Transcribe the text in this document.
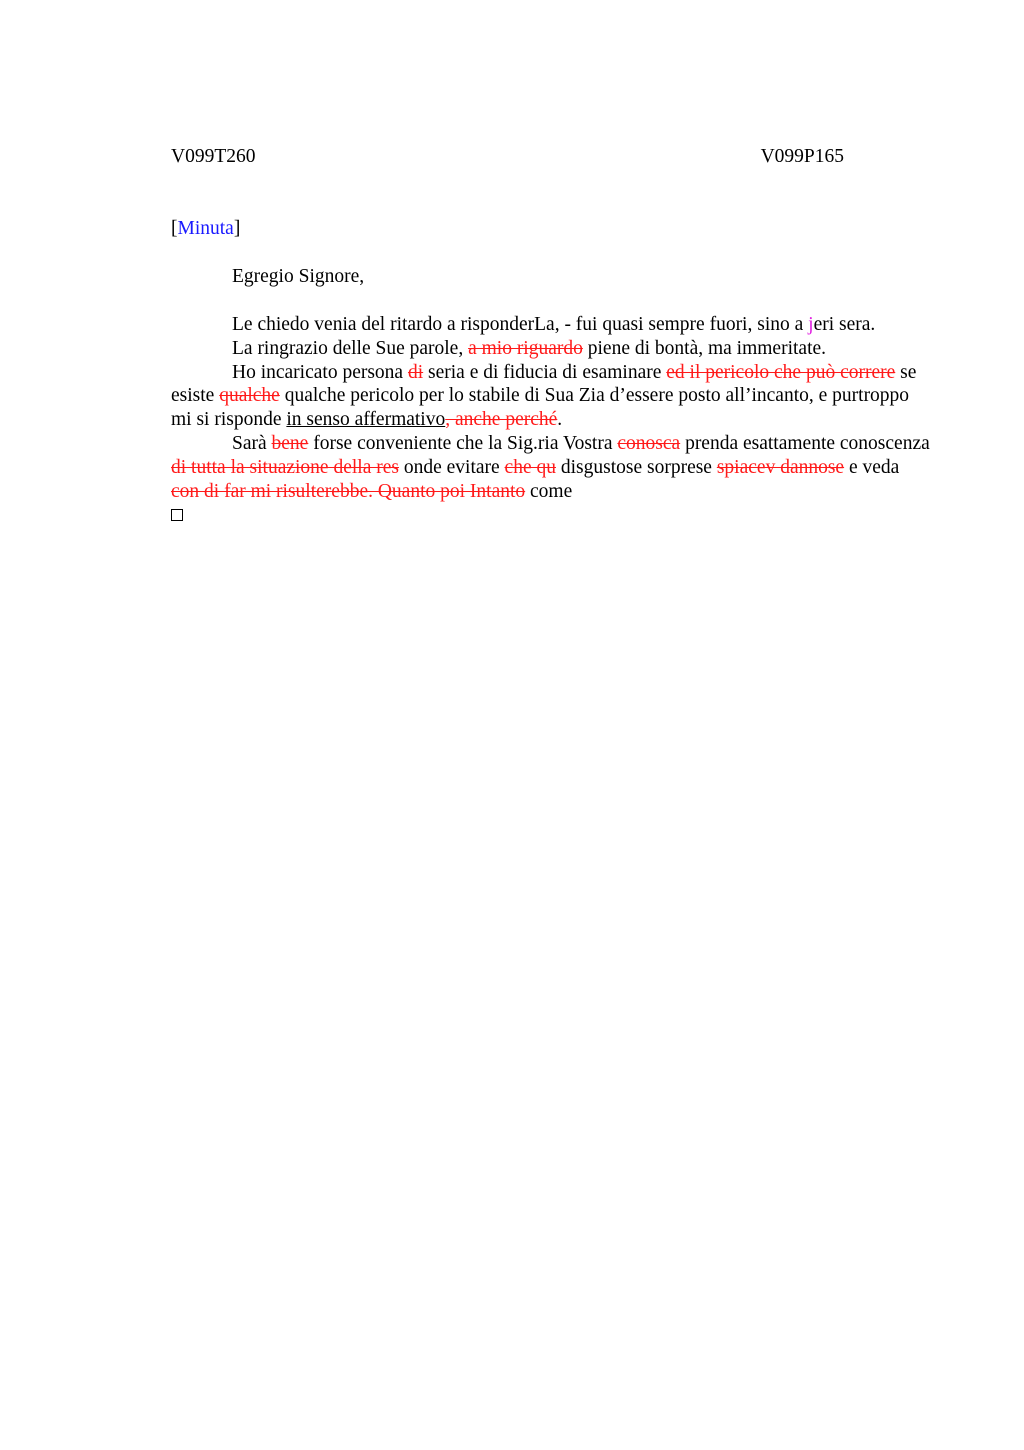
V099T260	V099P165
[Minuta]
Egregio Signore,

Le chiedo venia del ritardo a risponderLa, - fui quasi sempre fuori, sino a jeri sera.

La ringrazio delle Sue parole, a mio riguardo piene di bontà, ma immeritate.

Ho incaricato persona di seria e di fiducia di esaminare ed il pericolo che può correre se esiste qualche qualche pericolo per lo stabile di Sua Zia d’essere posto all’incanto, e purtroppo mi si risponde in senso affermativo, anche perché.

Sarà bene forse conveniente che la Sig.ria Vostra conosca prenda esattamente conoscenza di tutta la situazione della res onde evitare che qu disgustose sorprese spiacev dannose e veda con di far mi risulterebbe. Quanto poi Intanto come
